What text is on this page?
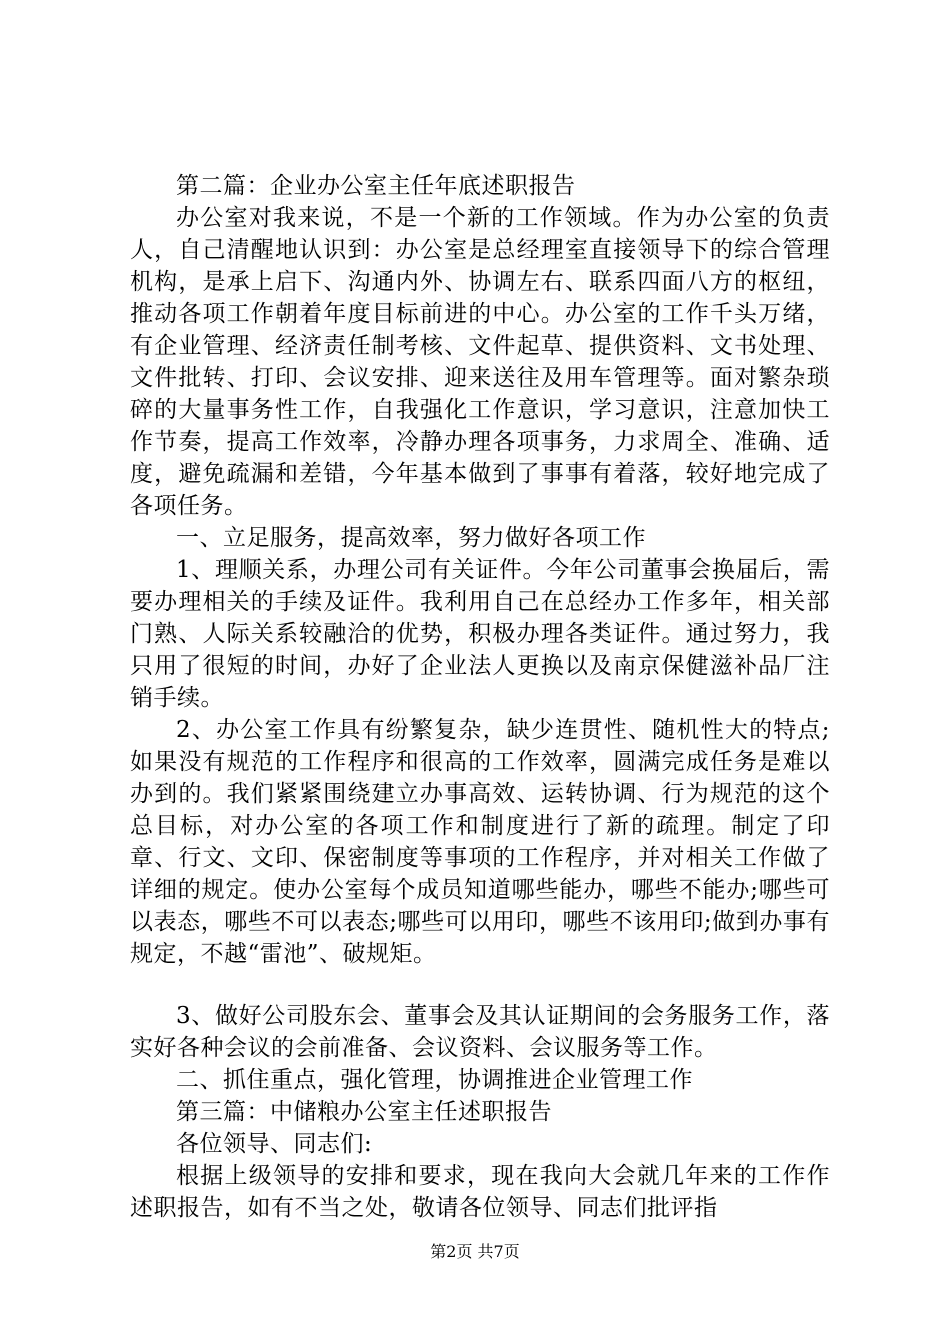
第二篇：企业办公室主任年底述职报告

办公室对我来说，不是一个新的工作领域。作为办公室的负责人，自己清醒地认识到：办公室是总经理室直接领导下的综合管理机构，是承上启下、沟通内外、协调左右、联系四面八方的枢纽，推动各项工作朝着年度目标前进的中心。办公室的工作千头万绪，有企业管理、经济责任制考核、文件起草、提供资料、文书处理、文件批转、打印、会议安排、迎来送往及用车管理等。面对繁杂琐碎的大量事务性工作，自我强化工作意识，学习意识，注意加快工作节奏，提高工作效率，冷静办理各项事务，力求周全、准确、适度，避免疏漏和差错，今年基本做到了事事有着落，较好地完成了各项任务。

一、立足服务，提高效率，努力做好各项工作

1、理顺关系，办理公司有关证件。今年公司董事会换届后，需要办理相关的手续及证件。我利用自己在总经办工作多年，相关部门熟、人际关系较融洽的优势，积极办理各类证件。通过努力，我只用了很短的时间，办好了企业法人更换以及南京保健滋补品厂注销手续。

2、办公室工作具有纷繁复杂，缺少连贯性、随机性大的特点;如果没有规范的工作程序和很高的工作效率，圆满完成任务是难以办到的。我们紧紧围绕建立办事高效、运转协调、行为规范的这个总目标，对办公室的各项工作和制度进行了新的疏理。制定了印章、行文、文印、保密制度等事项的工作程序，并对相关工作做了详细的规定。使办公室每个成员知道哪些能办，哪些不能办;哪些可以表态，哪些不可以表态;哪些可以用印，哪些不该用印;做到办事有规定，不越“雷池”、破规矩。

3、做好公司股东会、董事会及其认证期间的会务服务工作，落实好各种会议的会前准备、会议资料、会议服务等工作。

二、抓住重点，强化管理，协调推进企业管理工作

第三篇：中储粮办公室主任述职报告

各位领导、同志们:

根据上级领导的安排和要求，现在我向大会就几年来的工作作述职报告，如有不当之处，敬请各位领导、同志们批评指

第2页 共7页
